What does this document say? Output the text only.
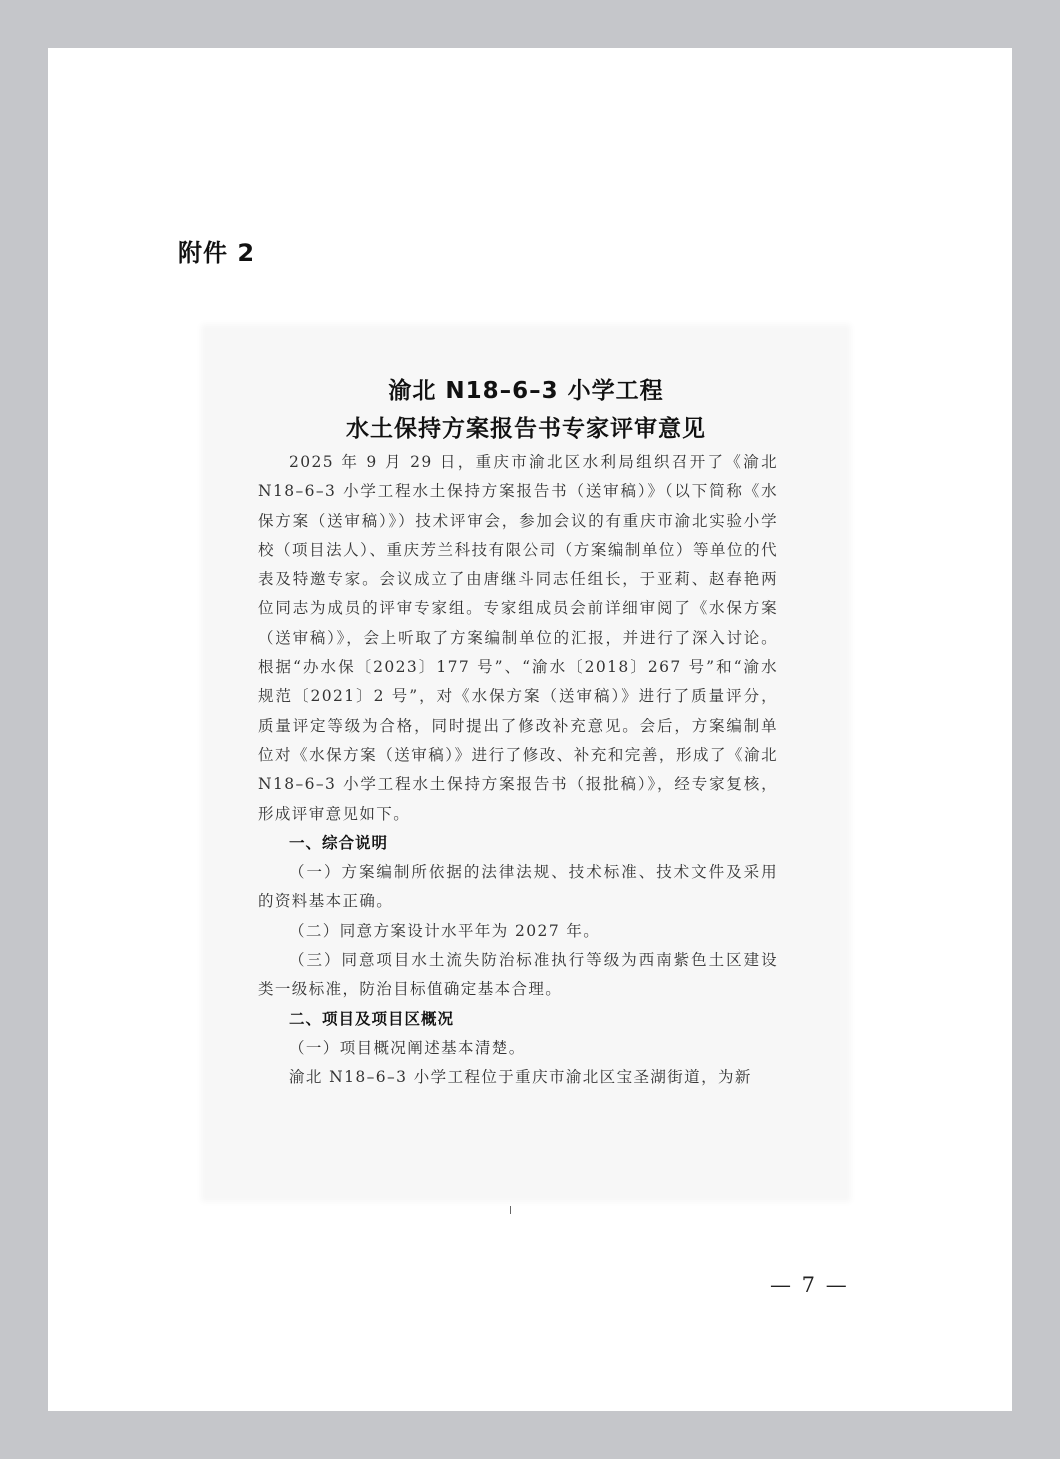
附件 2
渝北 N18–6–3 小学工程
水土保持方案报告书专家评审意见

2025 年 9 月 29 日，重庆市渝北区水利局组织召开了《渝北 N18–6–3 小学工程水土保持方案报告书（送审稿）》（以下简称《水保方案（送审稿）》）技术评审会，参加会议的有重庆市渝北实验小学校（项目法人）、重庆芳兰科技有限公司（方案编制单位）等单位的代表及特邀专家。会议成立了由唐继斗同志任组长，于亚莉、赵春艳两位同志为成员的评审专家组。专家组成员会前详细审阅了《水保方案（送审稿）》，会上听取了方案编制单位的汇报，并进行了深入讨论。根据“办水保〔2023〕177 号”、“渝水〔2018〕267 号”和“渝水规范〔2021〕2 号”，对《水保方案（送审稿）》进行了质量评分，质量评定等级为合格，同时提出了修改补充意见。会后，方案编制单位对《水保方案（送审稿）》进行了修改、补充和完善，形成了《渝北 N18–6–3 小学工程水土保持方案报告书（报批稿）》，经专家复核，形成评审意见如下。

一、综合说明

（一）方案编制所依据的法律法规、技术标准、技术文件及采用的资料基本正确。

（二）同意方案设计水平年为 2027 年。

（三）同意项目水土流失防治标准执行等级为西南紫色土区建设类一级标准，防治目标值确定基本合理。

二、项目及项目区概况

（一）项目概况阐述基本清楚。

渝北 N18–6–3 小学工程位于重庆市渝北区宝圣湖街道，为新

— 7 —
